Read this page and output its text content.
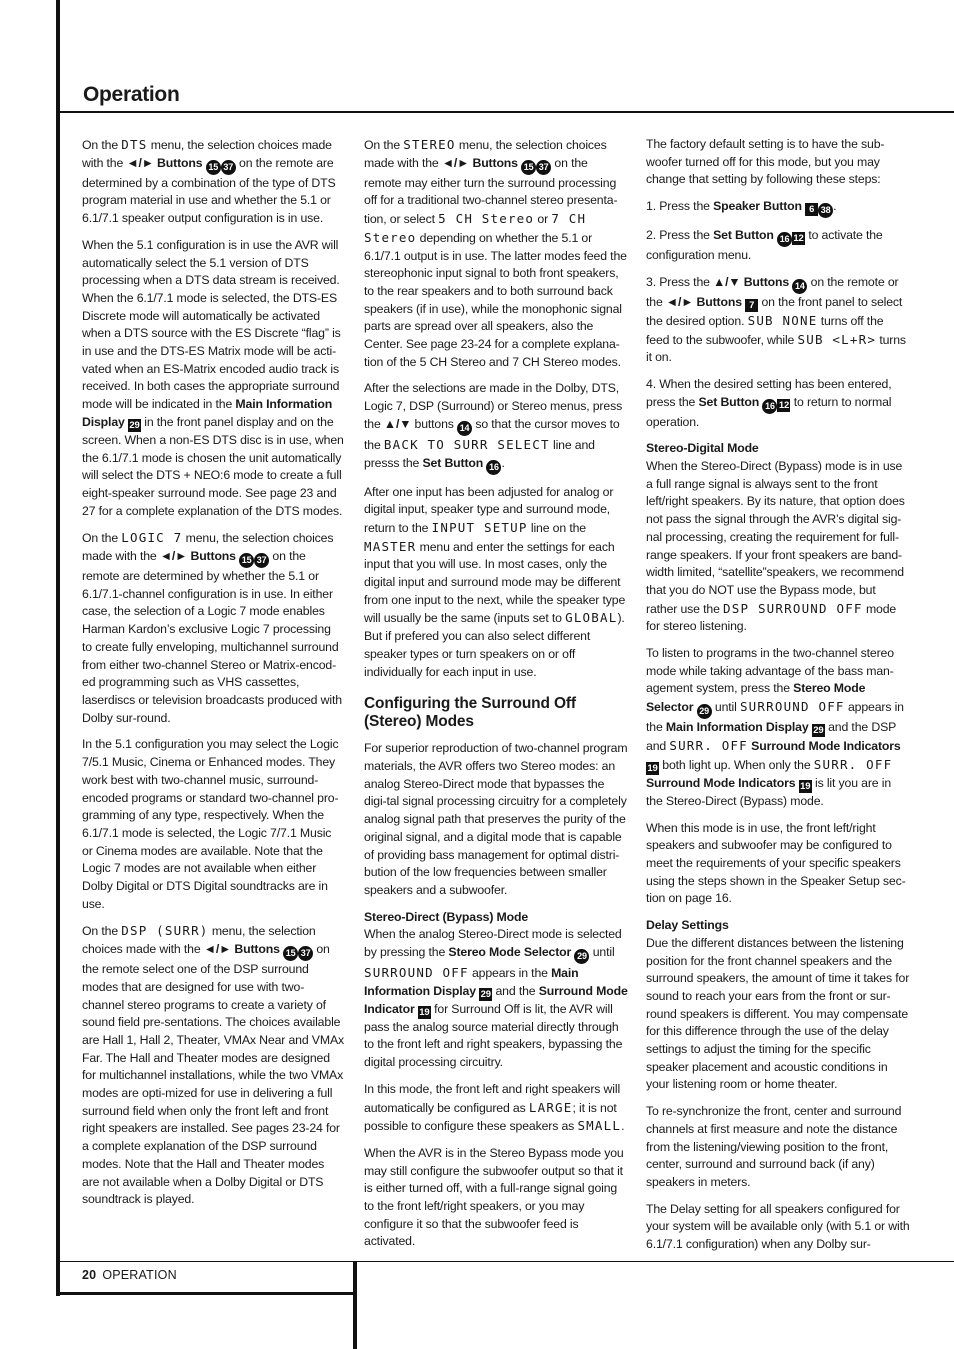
Operation

On the DTS menu, the selection choices made with the ◄/► Buttons 15 37 on the remote are determined by a combination of the type of DTS program material in use and whether the 5.1 or 6.1/7.1 speaker output configuration is in use.

When the 5.1 configuration is in use the AVR will automatically select the 5.1 version of DTS processing when a DTS data stream is received. When the 6.1/7.1 mode is selected, the DTS-ES Discrete mode will automatically be activated when a DTS source with the ES Discrete “flag” is in use and the DTS-ES Matrix mode will be acti-vated when an ES-Matrix encoded audio track is received. In both cases the appropriate surround mode will be indicated in the Main Information Display 29 in the front panel display and on the screen. When a non-ES DTS disc is in use, when the 6.1/7.1 mode is chosen the unit automatically will select the DTS + NEO:6 mode to create a full eight-speaker surround mode. See page 23 and 27 for a complete explanation of the DTS modes.

On the LOGIC 7 menu, the selection choices made with the ◄/► Buttons 15 37 on the remote are determined by whether the 5.1 or 6.1/7.1-channel configuration is in use. In either case, the selection of a Logic 7 mode enables Harman Kardon’s exclusive Logic 7 processing to create fully enveloping, multichannel surround from either two-channel Stereo or Matrix-encod-ed programming such as VHS cassettes, laserdiscs or television broadcasts produced with Dolby sur-round.

In the 5.1 configuration you may select the Logic 7/5.1 Music, Cinema or Enhanced modes. They work best with two-channel music, surround-encoded programs or standard two-channel pro-gramming of any type, respectively. When the 6.1/7.1 mode is selected, the Logic 7/7.1 Music or Cinema modes are available. Note that the Logic 7 modes are not available when either Dolby Digital or DTS Digital soundtracks are in use.

On the DSP (SURR) menu, the selection choices made with the ◄/► Buttons 15 37 on the remote select one of the DSP surround modes that are designed for use with two-channel stereo programs to create a variety of sound field pre-sentations. The choices available are Hall 1, Hall 2, Theater, VMAx Near and VMAx Far. The Hall and Theater modes are designed for multichannel installations, while the two VMAx modes are opti-mized for use in delivering a full surround field when only the front left and front right speakers are installed. See pages 23-24 for a complete explanation of the DSP surround modes. Note that the Hall and Theater modes are not available when a Dolby Digital or DTS soundtrack is played.

On the STEREO menu, the selection choices made with the ◄/► Buttons 15 37 on the remote may either turn the surround processing off for a traditional two-channel stereo presenta-tion, or select 5 CH Stereo or 7 CH Stereo depending on whether the 5.1 or 6.1/7.1 output is in use. The latter modes feed the stereophonic input signal to both front speakers, to the rear speakers and to both surround back speakers (if in use), while the monophonic signal parts are spread over all speakers, also the Center. See page 23-24 for a complete explana-tion of the 5 CH Stereo and 7 CH Stereo modes.

After the selections are made in the Dolby, DTS, Logic 7, DSP (Surround) or Stereo menus, press the ▲/▼ buttons 14 so that the cursor moves to the BACK TO SURR SELECT line and presss the Set Button 16 .

After one input has been adjusted for analog or digital input, speaker type and surround mode, return to the INPUT SETUP line on the MASTER menu and enter the settings for each input that you will use. In most cases, only the digital input and surround mode may be different from one input to the next, while the speaker type will usually be the same (inputs set to GLOBAL). But if prefered you can also select different speaker types or turn speakers on or off individually for each input in use.

Configuring the Surround Off (Stereo) Modes

For superior reproduction of two-channel program materials, the AVR offers two Stereo modes: an analog Stereo-Direct mode that bypasses the digi-tal signal processing circuitry for a completely analog signal path that preserves the purity of the original signal, and a digital mode that is capable of providing bass management for optimal distri-bution of the low frequencies between smaller speakers and a subwoofer.

Stereo-Direct (Bypass) Mode

When the analog Stereo-Direct mode is selected by pressing the Stereo Mode Selector 29 until SURROUND OFF appears in the Main Information Display 29 and the Surround Mode Indicator 19 for Surround Off is lit, the AVR will pass the analog source material directly through to the front left and right speakers, bypassing the digital processing circuitry.

In this mode, the front left and right speakers will automatically be configured as LARGE; it is not possible to configure these speakers as SMALL.

When the AVR is in the Stereo Bypass mode you may still configure the subwoofer output so that it is either turned off, with a full-range signal going to the front left/right speakers, or you may configure it so that the subwoofer feed is activated.

The factory default setting is to have the sub-woofer turned off for this mode, but you may change that setting by following these steps:

1. Press the Speaker Button 6 38 .

2. Press the Set Button 16 12 to activate the configuration menu.

3. Press the ▲/▼ Buttons 14 on the remote or the ◄/► Buttons 7 on the front panel to select the desired option. SUB NONE turns off the feed to the subwoofer, while SUB <L+R> turns it on.

4. When the desired setting has been entered, press the Set Button 16 12 to return to normal operation.

Stereo-Digital Mode

When the Stereo-Direct (Bypass) mode is in use a full range signal is always sent to the front left/right speakers. By its nature, that option does not pass the signal through the AVR’s digital sig-nal processing, creating the requirement for full-range speakers. If your front speakers are band-width limited, “satellite”speakers, we recommend that you do NOT use the Bypass mode, but rather use the DSP SURROUND OFF mode for stereo listening.

To listen to programs in the two-channel stereo mode while taking advantage of the bass man-agement system, press the Stereo Mode Selector 29 until SURROUND OFF appears in the Main Information Display 29 and the DSP and SURR. OFF Surround Mode Indicators 19 both light up. When only the SURR. OFF Surround Mode Indicators 19 is lit you are in the Stereo-Direct (Bypass) mode.

When this mode is in use, the front left/right speakers and subwoofer may be configured to meet the requirements of your specific speakers using the steps shown in the Speaker Setup sec-tion on page 16.

Delay Settings

Due the different distances between the listening position for the front channel speakers and the surround speakers, the amount of time it takes for sound to reach your ears from the front or sur-round speakers is different. You may compensate for this difference through the use of the delay settings to adjust the timing for the specific speaker placement and acoustic conditions in your listening room or home theater.

To re-synchronize the front, center and surround channels at first measure and note the distance from the listening/viewing position to the front, center, surround and surround back (if any) speakers in meters.

The Delay setting for all speakers configured for your system will be available only (with 5.1 or with 6.1/7.1 configuration) when any Dolby sur-

20 OPERATION
